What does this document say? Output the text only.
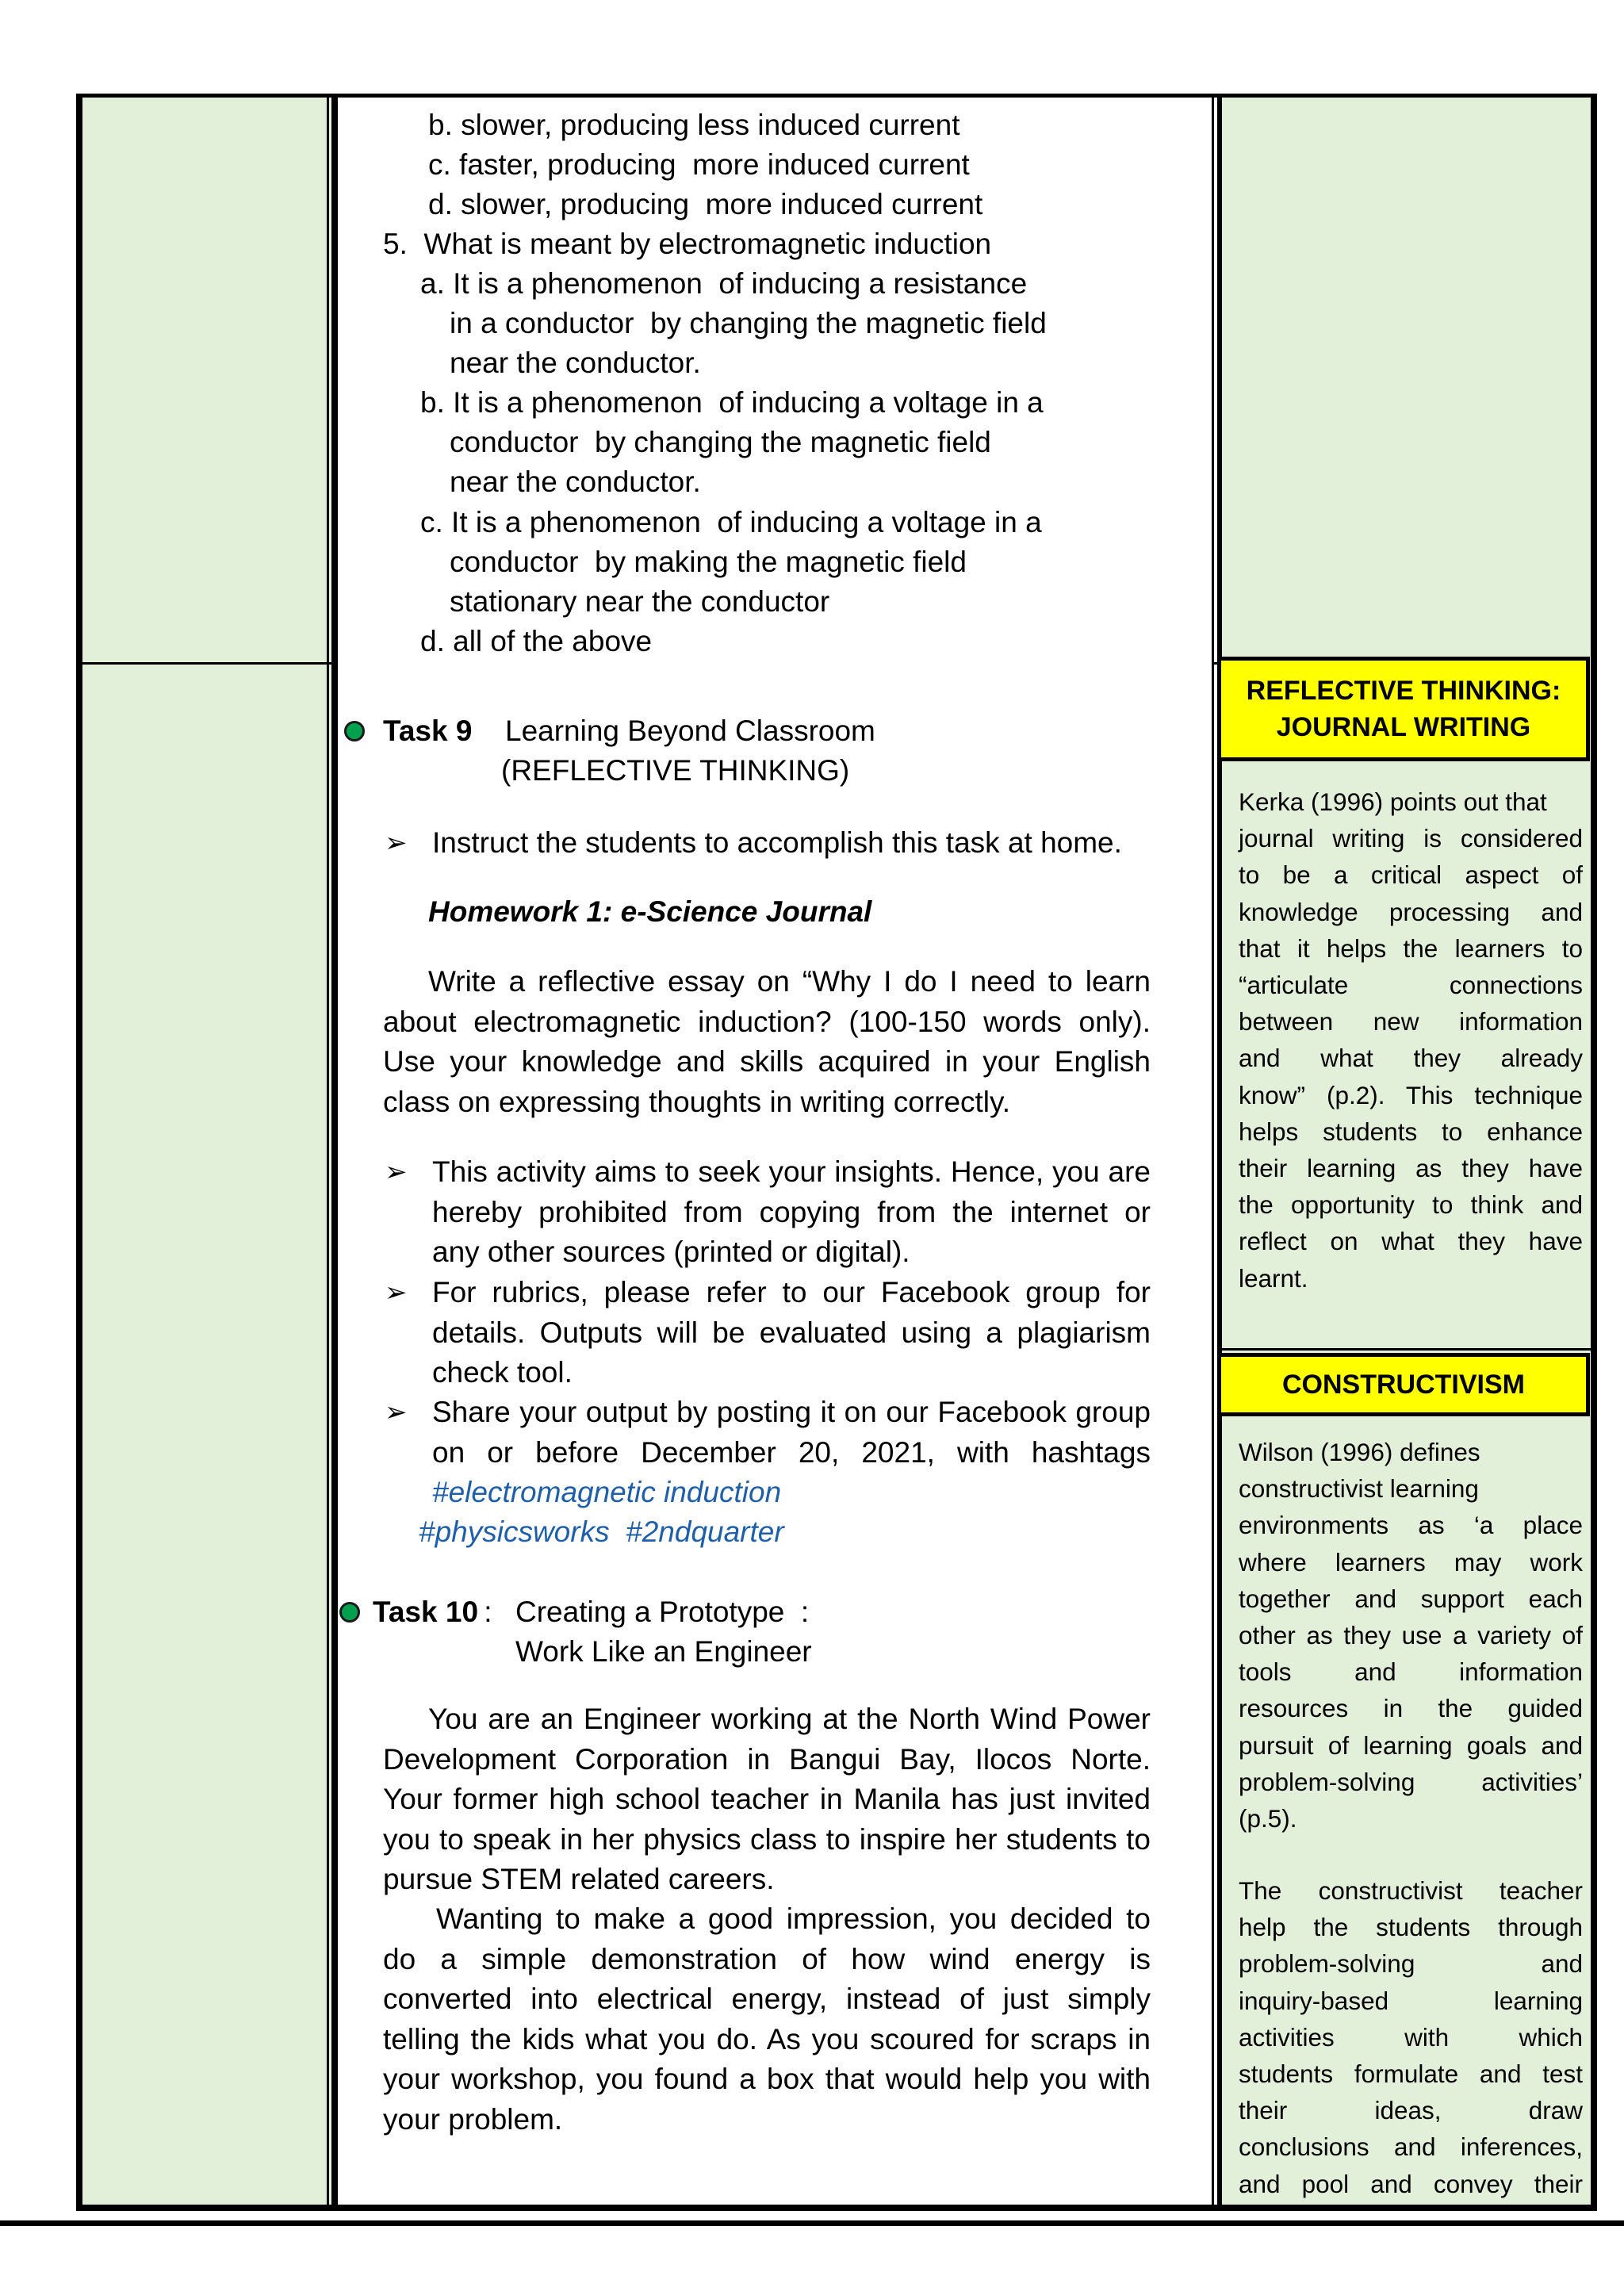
b. slower, producing less induced current
c. faster, producing  more induced current
d. slower, producing  more induced current
5.  What is meant by electromagnetic induction
a. It is a phenomenon  of inducing a resistance
in a conductor  by changing the magnetic field
near the conductor.
b. It is a phenomenon  of inducing a voltage in a
conductor  by changing the magnetic field
near the conductor.
c. It is a phenomenon  of inducing a voltage in a
conductor  by making the magnetic field
stationary near the conductor
d. all of the above
Task 9 Learning Beyond Classroom
(REFLECTIVE THINKING)
➢ Instruct the students to accomplish this task at home.
Homework 1: e-Science Journal
Write a reflective essay on “Why I do I need to learn
about electromagnetic induction? (100-150 words only).
Use your knowledge and skills acquired in your English
class on expressing thoughts in writing correctly.
➢ This activity aims to seek your insights. Hence, you are
hereby prohibited from copying from the internet or
any other sources (printed or digital).
➢ For rubrics, please refer to our Facebook group for
details. Outputs will be evaluated using a plagiarism
check tool.
➢ Share your output by posting it on our Facebook group
on or before December 20, 2021, with hashtags
#electromagnetic induction
#physicsworks  #2ndquarter
Task 10
: Creating a Prototype  :
Work Like an Engineer
You are an Engineer working at the North Wind Power
Development Corporation in Bangui Bay, Ilocos Norte.
Your former high school teacher in Manila has just invited
you to speak in her physics class to inspire her students to
pursue STEM related careers.
Wanting to make a good impression, you decided to
do a simple demonstration of how wind energy is
converted into electrical energy, instead of just simply
telling the kids what you do. As you scoured for scraps in
your workshop, you found a box that would help you with
your problem.
REFLECTIVE THINKING:
JOURNAL WRITING
Kerka (1996) points out that
journal writing is considered
to be a critical aspect of
knowledge processing and
that it helps the learners to
“articulate connections
between new information
and what they already
know” (p.2). This technique
helps students to enhance
their learning as they have
the opportunity to think and
reflect on what they have
learnt.
CONSTRUCTIVISM
Wilson (1996) defines
constructivist learning
environments as ‘a place
where learners may work
together and support each
other as they use a variety of
tools and information
resources in the guided
pursuit of learning goals and
problem-solving activities’
(p.5).
The constructivist teacher
help the students through
problem-solving and
inquiry-based learning
activities with which
students formulate and test
their ideas, draw
conclusions and inferences,
and pool and convey their
